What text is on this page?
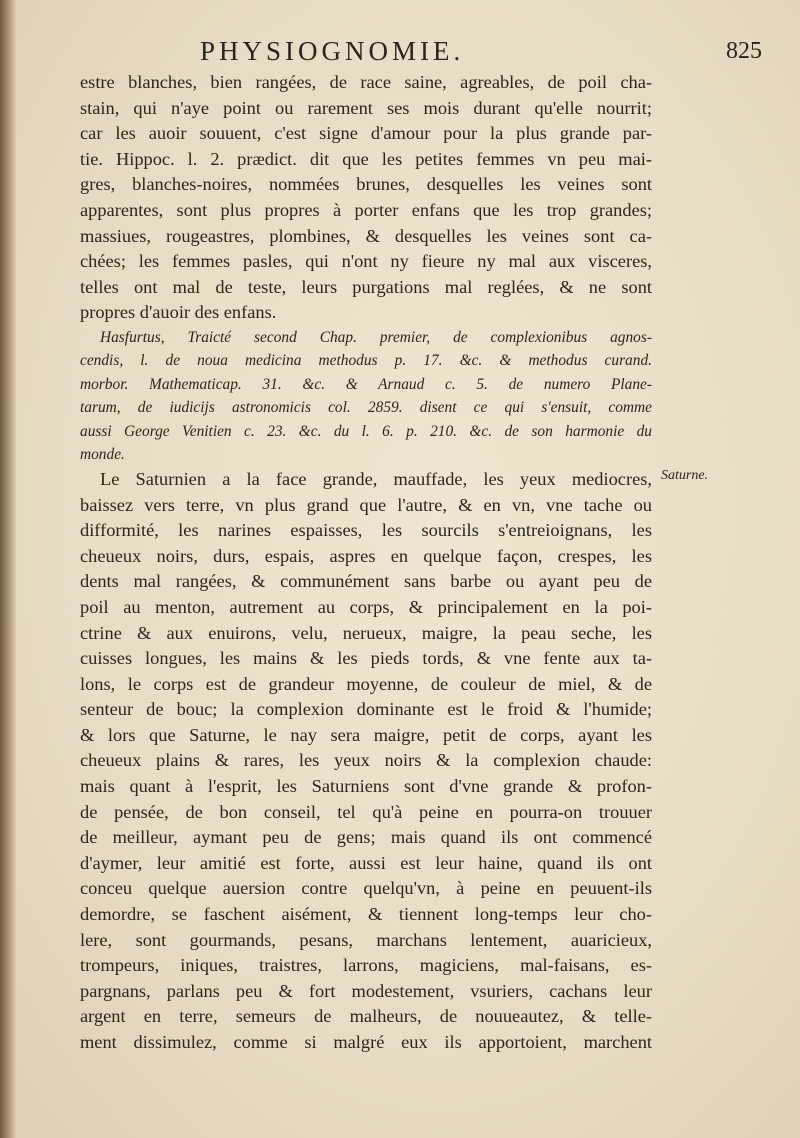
PHYSIOGNOMIE.	825
estre blanches, bien rangées, de race saine, agreables, de poil cha-
stain, qui n'aye point ou rarement ses mois durant qu'elle nourrit;
car les auoir souuent, c'est signe d'amour pour la plus grande par-
tie. Hippoc. l. 2. prædict. dit que les petites femmes vn peu mai-
gres, blanches-noires, nommées brunes, desquelles les veines sont
apparentes, sont plus propres à porter enfans que les trop grandes;
massiues, rougeastres, plombines, & desquelles les veines sont ca-
chées; les femmes pasles, qui n'ont ny fieure ny mal aux visceres,
telles ont mal de teste, leurs purgations mal reglées, & ne sont
propres d'auoir des enfans.
Hasfurtus, Traicté second Chap. premier, de complexionibus agnos-
cendis, l. de noua medicina methodus p. 17. &c. & methodus curand.
morbor. Mathematicap. 31. &c. & Arnaud c. 5. de numero Plane-
tarum, de iudicijs astronomicis col. 2859. disent ce qui s'ensuit, comme
aussi George Venitien c. 23. &c. du l. 6. p. 210. &c. de son harmonie du
monde.
Le Saturnien a la face grande, mauffade, les yeux mediocres,
baissez vers terre, vn plus grand que l'autre, & en vn, vne tache ou
difformité, les narines espaisses, les sourcils s'entreioignans, les
cheueux noirs, durs, espais, aspres en quelque façon, crespes, les
dents mal rangées, & communément sans barbe ou ayant peu de
poil au menton, autrement au corps, & principalement en la poi-
ctrine & aux enuirons, velu, nerueux, maigre, la peau seche, les
cuisses longues, les mains & les pieds tords, & vne fente aux ta-
lons, le corps est de grandeur moyenne, de couleur de miel, & de
senteur de bouc; la complexion dominante est le froid & l'humide;
& lors que Saturne, le nay sera maigre, petit de corps, ayant les
cheueux plains & rares, les yeux noirs & la complexion chaude:
mais quant à l'esprit, les Saturniens sont d'vne grande & profon-
de pensée, de bon conseil, tel qu'à peine en pourra-on trouuer
de meilleur, aymant peu de gens; mais quand ils ont commencé
d'aymer, leur amitié est forte, aussi est leur haine, quand ils ont
conceu quelque auersion contre quelqu'vn, à peine en peuuent-ils
demordre, se faschent aisément, & tiennent long-temps leur cho-
lere, sont gourmands, pesans, marchans lentement, auaricieux,
trompeurs, iniques, traistres, larrons, magiciens, mal-faisans, es-
pargnans, parlans peu & fort modestement, vsuriers, cachans leur
argent en terre, semeurs de malheurs, de nouueautez, & telle-
ment dissimulez, comme si malgré eux ils apportoient, marchent
Saturne.
